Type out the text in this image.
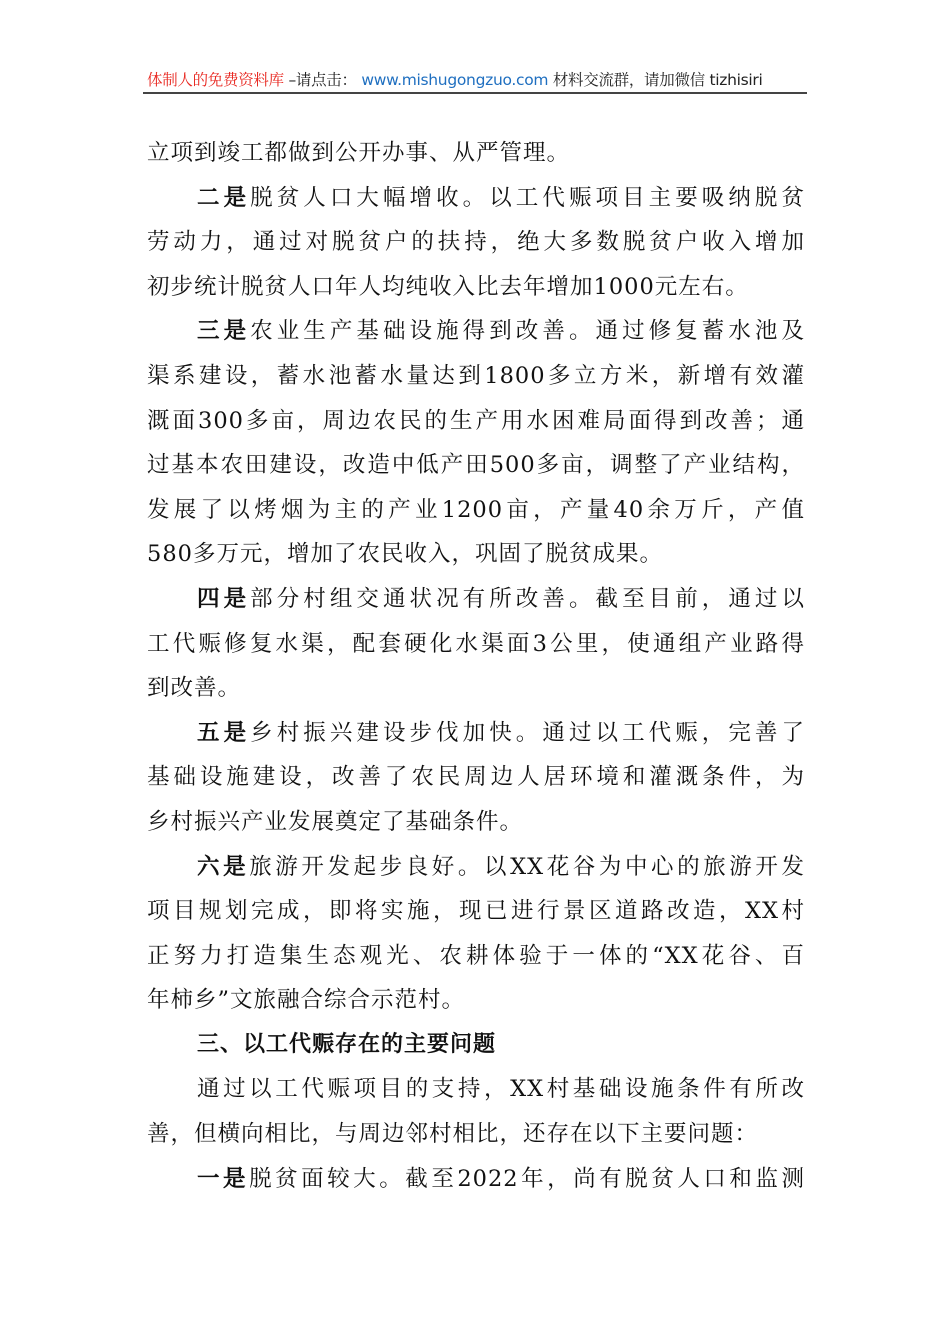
体制人的免费资料库 –请点击： www.mishugongzuo.com 材料交流群，请加微信 tizhisiri
立项到竣工都做到公开办事、从严管理。
二是脱贫人口大幅增收。以工代赈项目主要吸纳脱贫
劳动力，通过对脱贫户的扶持，绝大多数脱贫户收入增加
初步统计脱贫人口年人均纯收入比去年增加1000元左右。
三是农业生产基础设施得到改善。通过修复蓄水池及
渠系建设，蓄水池蓄水量达到1800多立方米，新增有效灌
溉面300多亩，周边农民的生产用水困难局面得到改善；通
过基本农田建设，改造中低产田500多亩，调整了产业结构，
发展了以烤烟为主的产业1200亩，产量40余万斤，产值
580多万元，增加了农民收入，巩固了脱贫成果。
四是部分村组交通状况有所改善。截至目前，通过以
工代赈修复水渠，配套硬化水渠面3公里，使通组产业路得
到改善。
五是乡村振兴建设步伐加快。通过以工代赈，完善了
基础设施建设，改善了农民周边人居环境和灌溉条件，为
乡村振兴产业发展奠定了基础条件。
六是旅游开发起步良好。以XX花谷为中心的旅游开发
项目规划完成，即将实施，现已进行景区道路改造，XX村
正努力打造集生态观光、农耕体验于一体的“XX花谷、百
年柿乡”文旅融合综合示范村。
三、以工代赈存在的主要问题
通过以工代赈项目的支持，XX村基础设施条件有所改
善，但横向相比，与周边邻村相比，还存在以下主要问题：
一是脱贫面较大。截至2022年，尚有脱贫人口和监测
